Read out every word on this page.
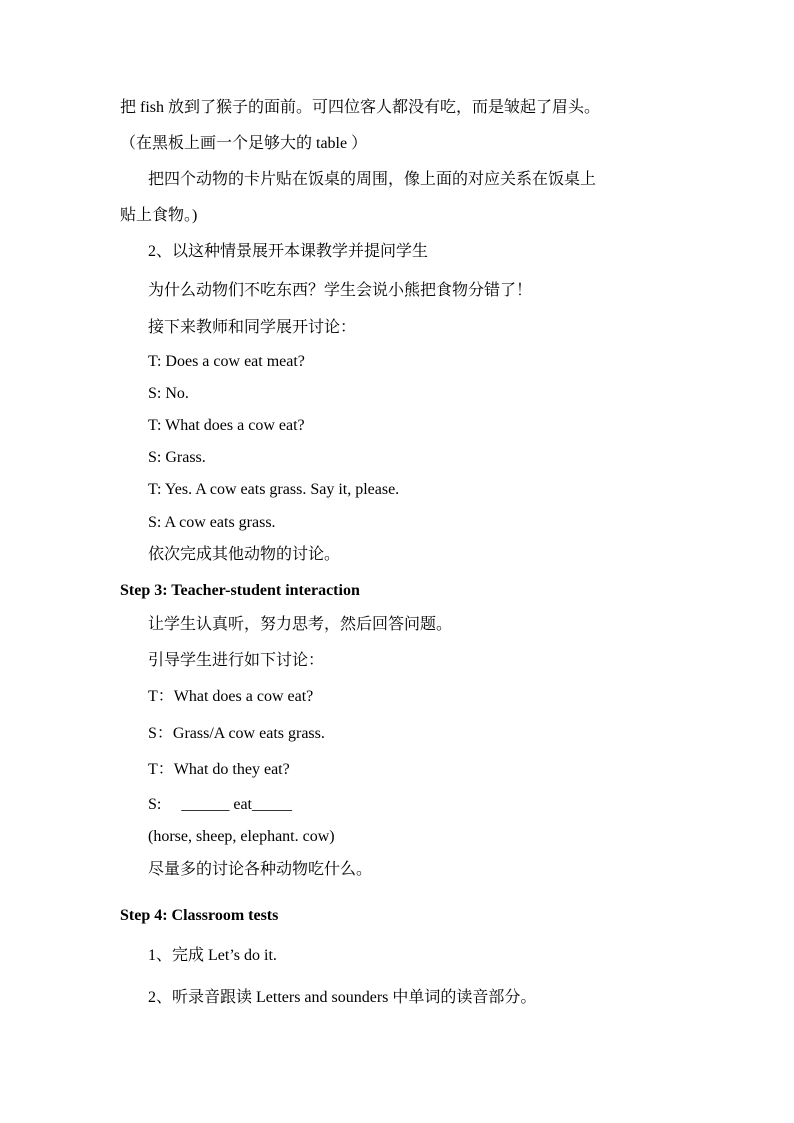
把 fish 放到了猴子的面前。可四位客人都没有吃，而是皱起了眉头。
（在黑板上画一个足够大的 table ）
把四个动物的卡片贴在饭桌的周围，像上面的对应关系在饭桌上
贴上食物。)
2、以这种情景展开本课教学并提问学生
为什么动物们不吃东西？学生会说小熊把食物分错了！
接下来教师和同学展开讨论：
T: Does a cow eat meat?
S: No.
T: What does a cow eat?
S: Grass.
T: Yes. A cow eats grass. Say it, please.
S: A cow eats grass.
依次完成其他动物的讨论。
Step 3: Teacher-student interaction
让学生认真听，努力思考，然后回答问题。
引导学生进行如下讨论：
T：What does a cow eat?
S：Grass/A cow eats grass.
T：What do they eat?
S:     ______ eat_____
(horse, sheep, elephant. cow)
尽量多的讨论各种动物吃什么。
Step 4: Classroom tests
1、完成 Let’s do it.
2、听录音跟读 Letters and sounders 中单词的读音部分。
